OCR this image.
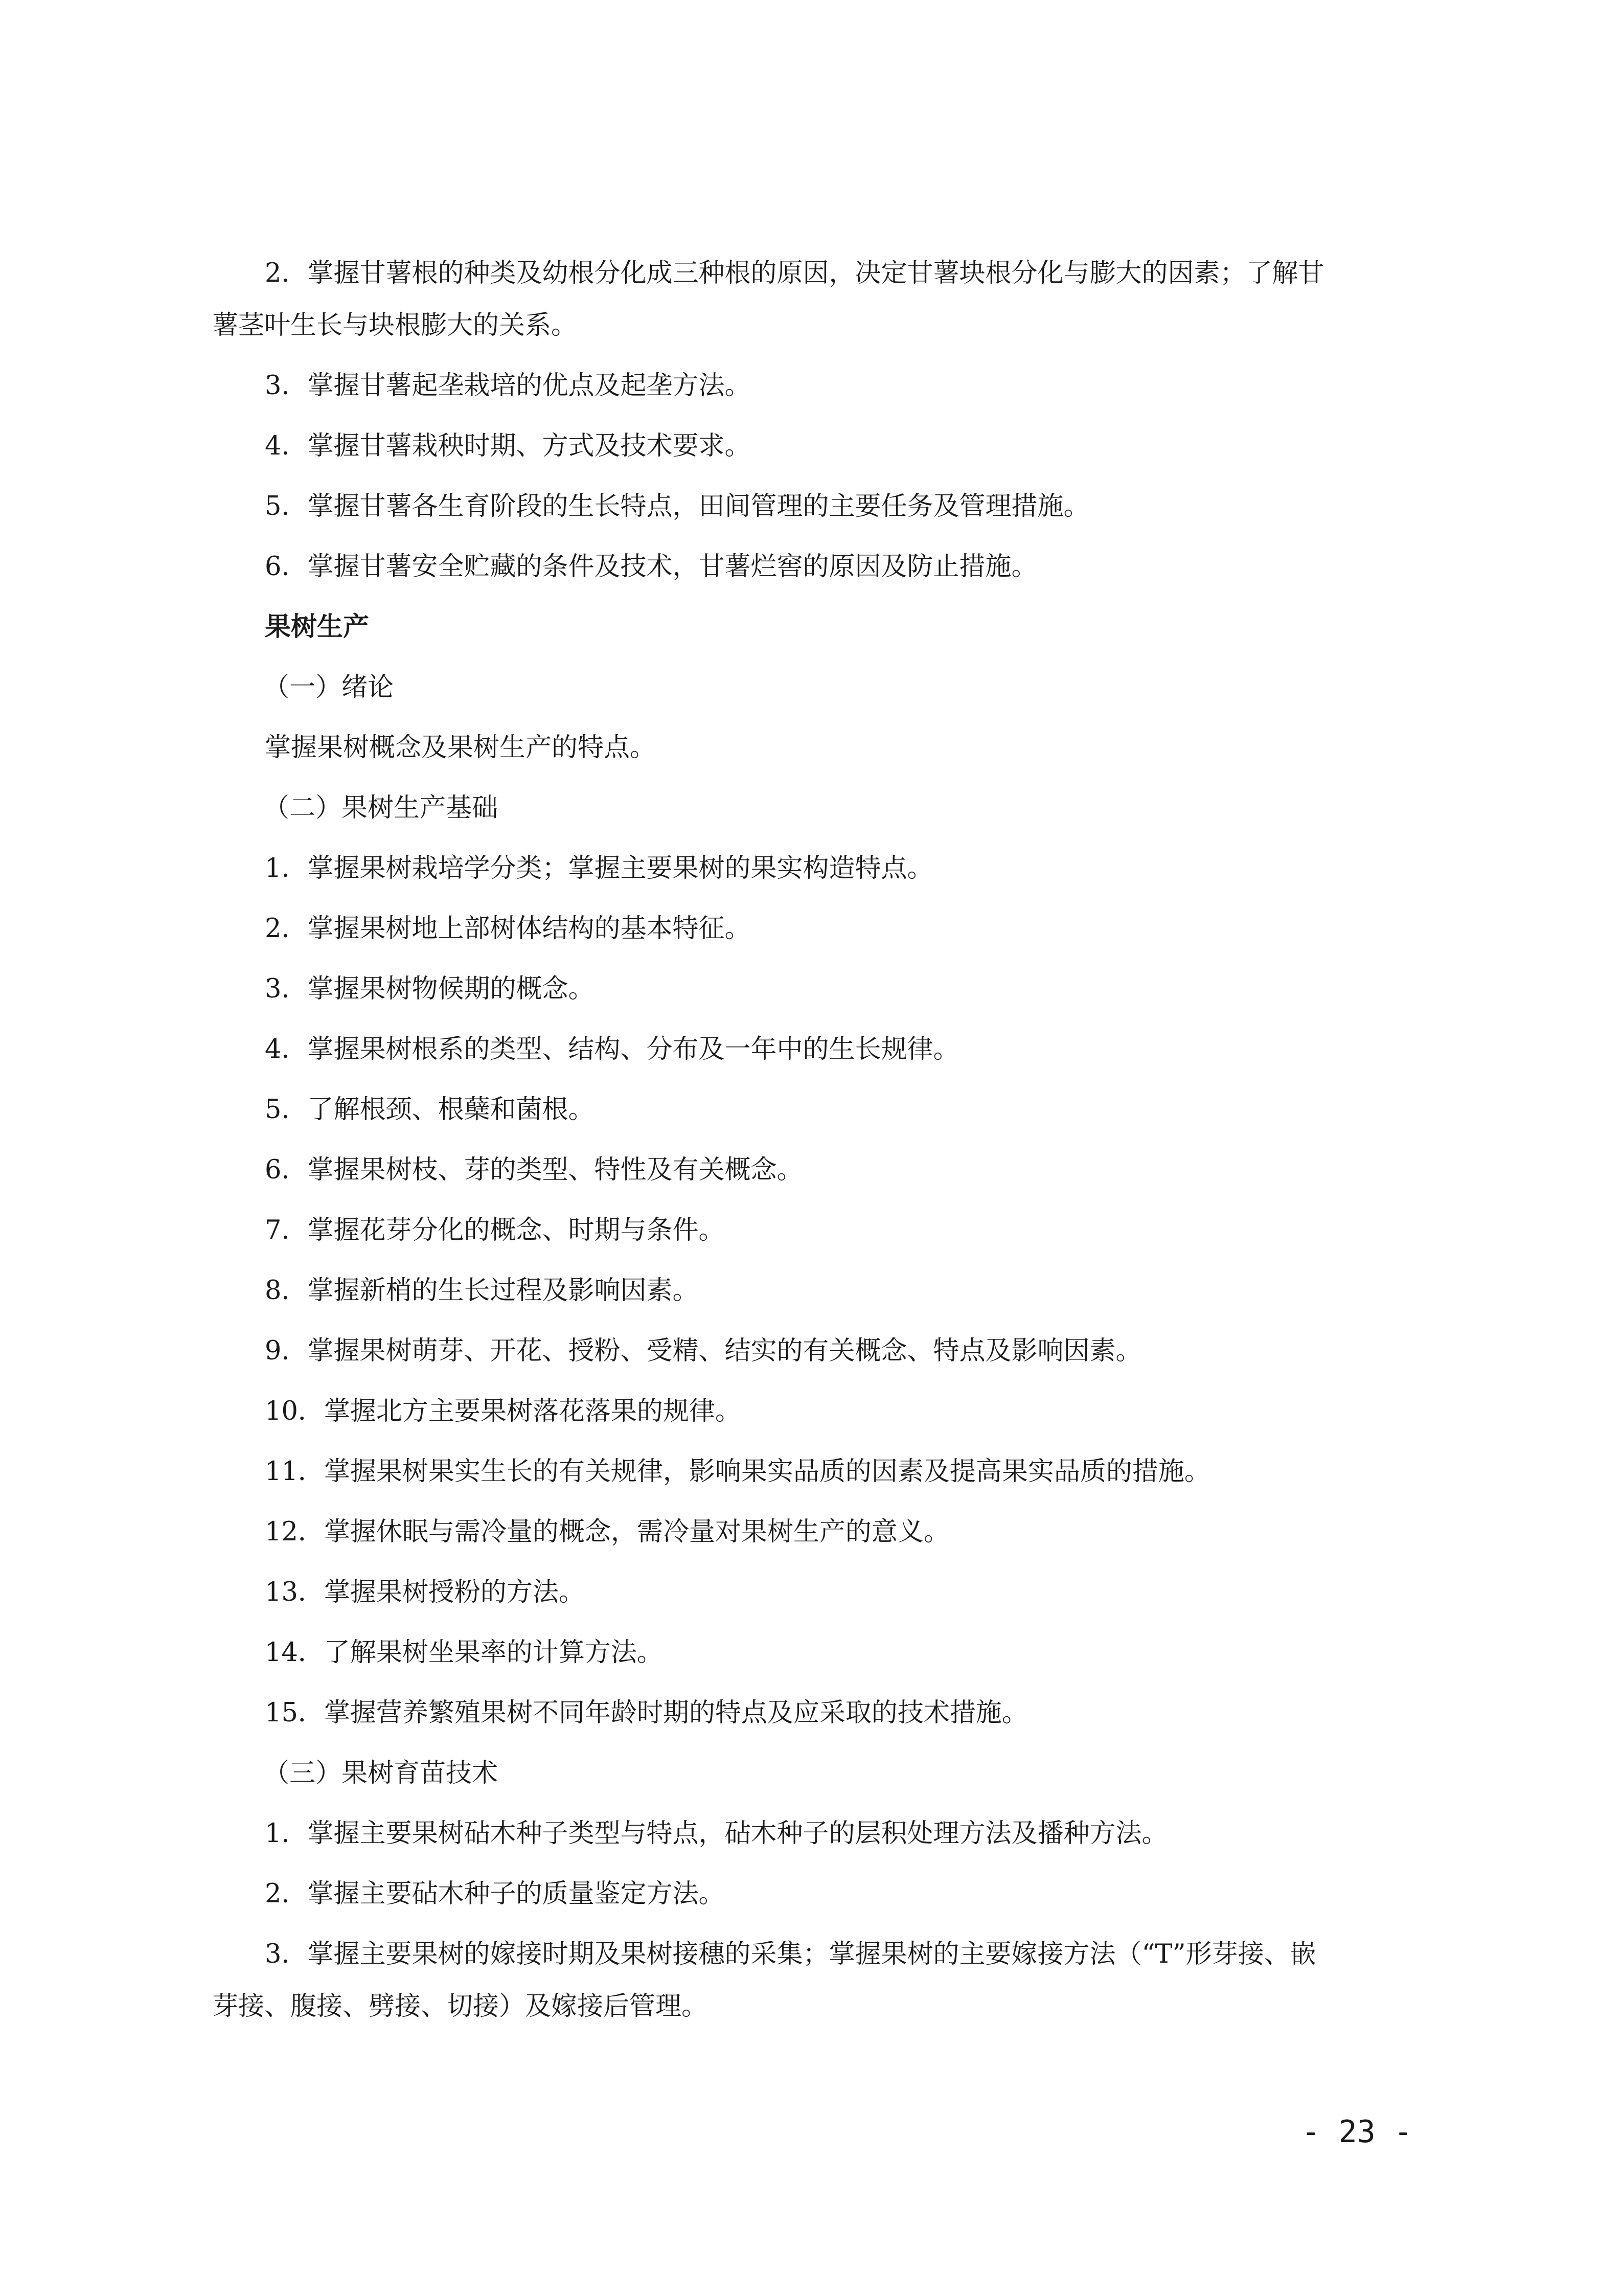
2．掌握甘薯根的种类及幼根分化成三种根的原因，决定甘薯块根分化与膨大的因素；了解甘
薯茎叶生长与块根膨大的关系。
3．掌握甘薯起垄栽培的优点及起垄方法。
4．掌握甘薯栽秧时期、方式及技术要求。
5．掌握甘薯各生育阶段的生长特点，田间管理的主要任务及管理措施。
6．掌握甘薯安全贮藏的条件及技术，甘薯烂窖的原因及防止措施。
果树生产
（一）绪论
掌握果树概念及果树生产的特点。
（二）果树生产基础
1．掌握果树栽培学分类；掌握主要果树的果实构造特点。
2．掌握果树地上部树体结构的基本特征。
3．掌握果树物候期的概念。
4．掌握果树根系的类型、结构、分布及一年中的生长规律。
5．了解根颈、根蘖和菌根。
6．掌握果树枝、芽的类型、特性及有关概念。
7．掌握花芽分化的概念、时期与条件。
8．掌握新梢的生长过程及影响因素。
9．掌握果树萌芽、开花、授粉、受精、结实的有关概念、特点及影响因素。
10．掌握北方主要果树落花落果的规律。
11．掌握果树果实生长的有关规律，影响果实品质的因素及提高果实品质的措施。
12．掌握休眠与需冷量的概念，需冷量对果树生产的意义。
13．掌握果树授粉的方法。
14．了解果树坐果率的计算方法。
15．掌握营养繁殖果树不同年龄时期的特点及应采取的技术措施。
（三）果树育苗技术
1．掌握主要果树砧木种子类型与特点，砧木种子的层积处理方法及播种方法。
2．掌握主要砧木种子的质量鉴定方法。
3．掌握主要果树的嫁接时期及果树接穗的采集；掌握果树的主要嫁接方法（“T”形芽接、嵌
芽接、腹接、劈接、切接）及嫁接后管理。
- 23 -
